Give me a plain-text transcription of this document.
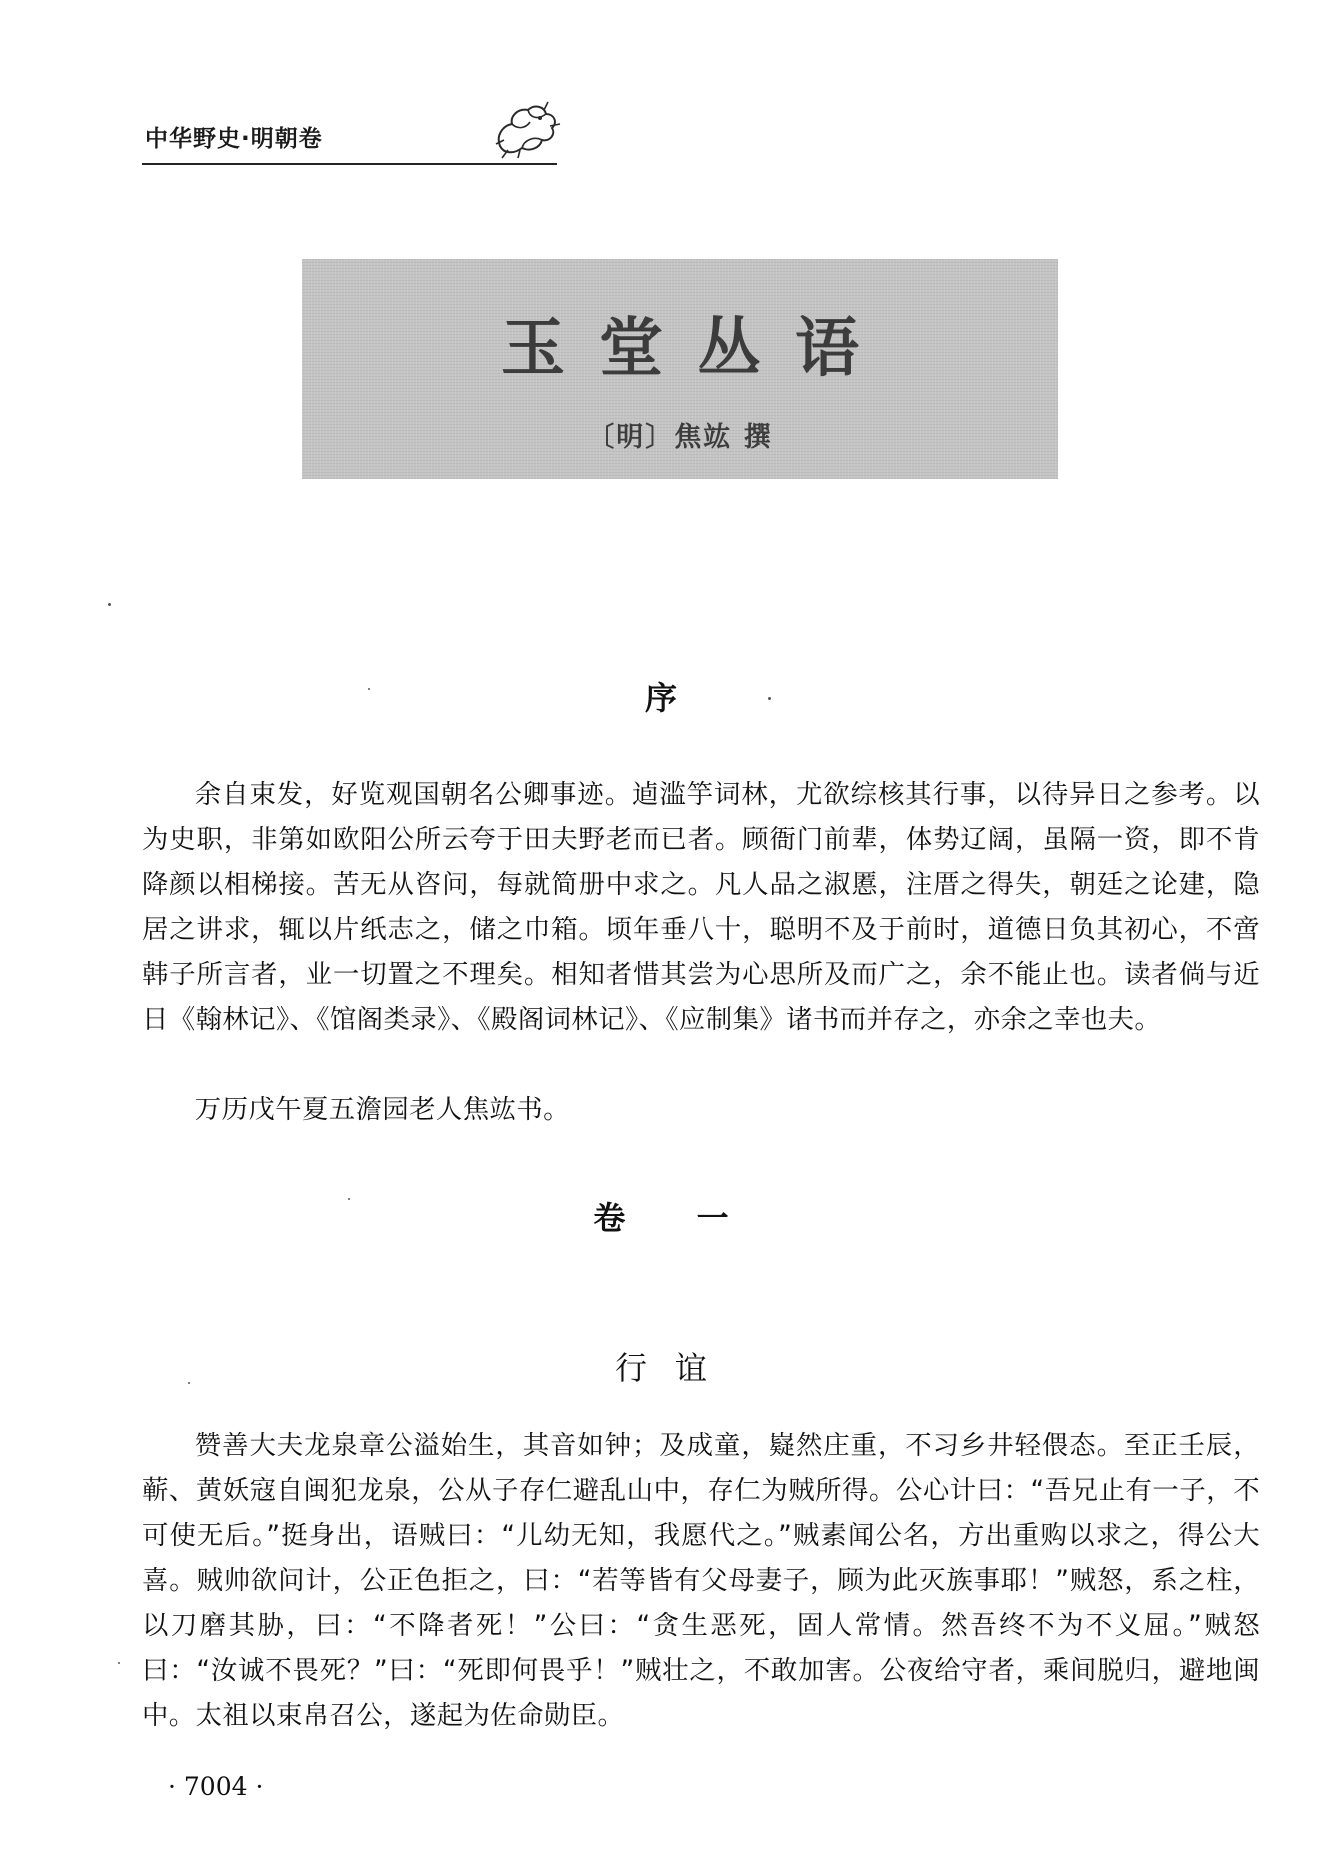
中华野史·明朝卷
玉堂丛语
〔明〕焦竑 撰
序

余自束发，好览观国朝名公卿事迹。逌滥竽词林，尤欲综核其行事，以待异日之参考。以为史职，非第如欧阳公所云夸于田夫野老而已者。顾衙门前辈，体势辽阔，虽隔一资，即不肯降颜以相梯接。苦无从咨问，每就简册中求之。凡人品之淑慝，注厝之得失，朝廷之论建，隐居之讲求，辄以片纸志之，储之巾箱。顷年垂八十，聪明不及于前时，道德日负其初心，不啻韩子所言者，业一切置之不理矣。相知者惜其尝为心思所及而广之，余不能止也。读者倘与近日《翰林记》、《馆阁类录》、《殿阁词林记》、《应制集》诸书而并存之，亦余之幸也夫。

万历戊午夏五澹园老人焦竑书。

卷 一
行谊

赞善大夫龙泉章公溢始生，其音如钟；及成童，嶷然庄重，不习乡井轻偎态。至正壬辰，蕲、黄妖寇自闽犯龙泉，公从子存仁避乱山中，存仁为贼所得。公心计曰：“吾兄止有一子，不可使无后。”挺身出，语贼曰：“儿幼无知，我愿代之。”贼素闻公名，方出重购以求之，得公大喜。贼帅欲问计，公正色拒之，曰：“若等皆有父母妻子，顾为此灭族事耶！”贼怒，系之柱，以刀磨其胁，曰：“不降者死！”公曰：“贪生恶死，固人常情。然吾终不为不义屈。”贼怒曰：“汝诚不畏死？”曰：“死即何畏乎！”贼壮之，不敢加害。公夜给守者，乘间脱归，避地闽中。太祖以束帛召公，遂起为佐命勋臣。

· 7004 ·
